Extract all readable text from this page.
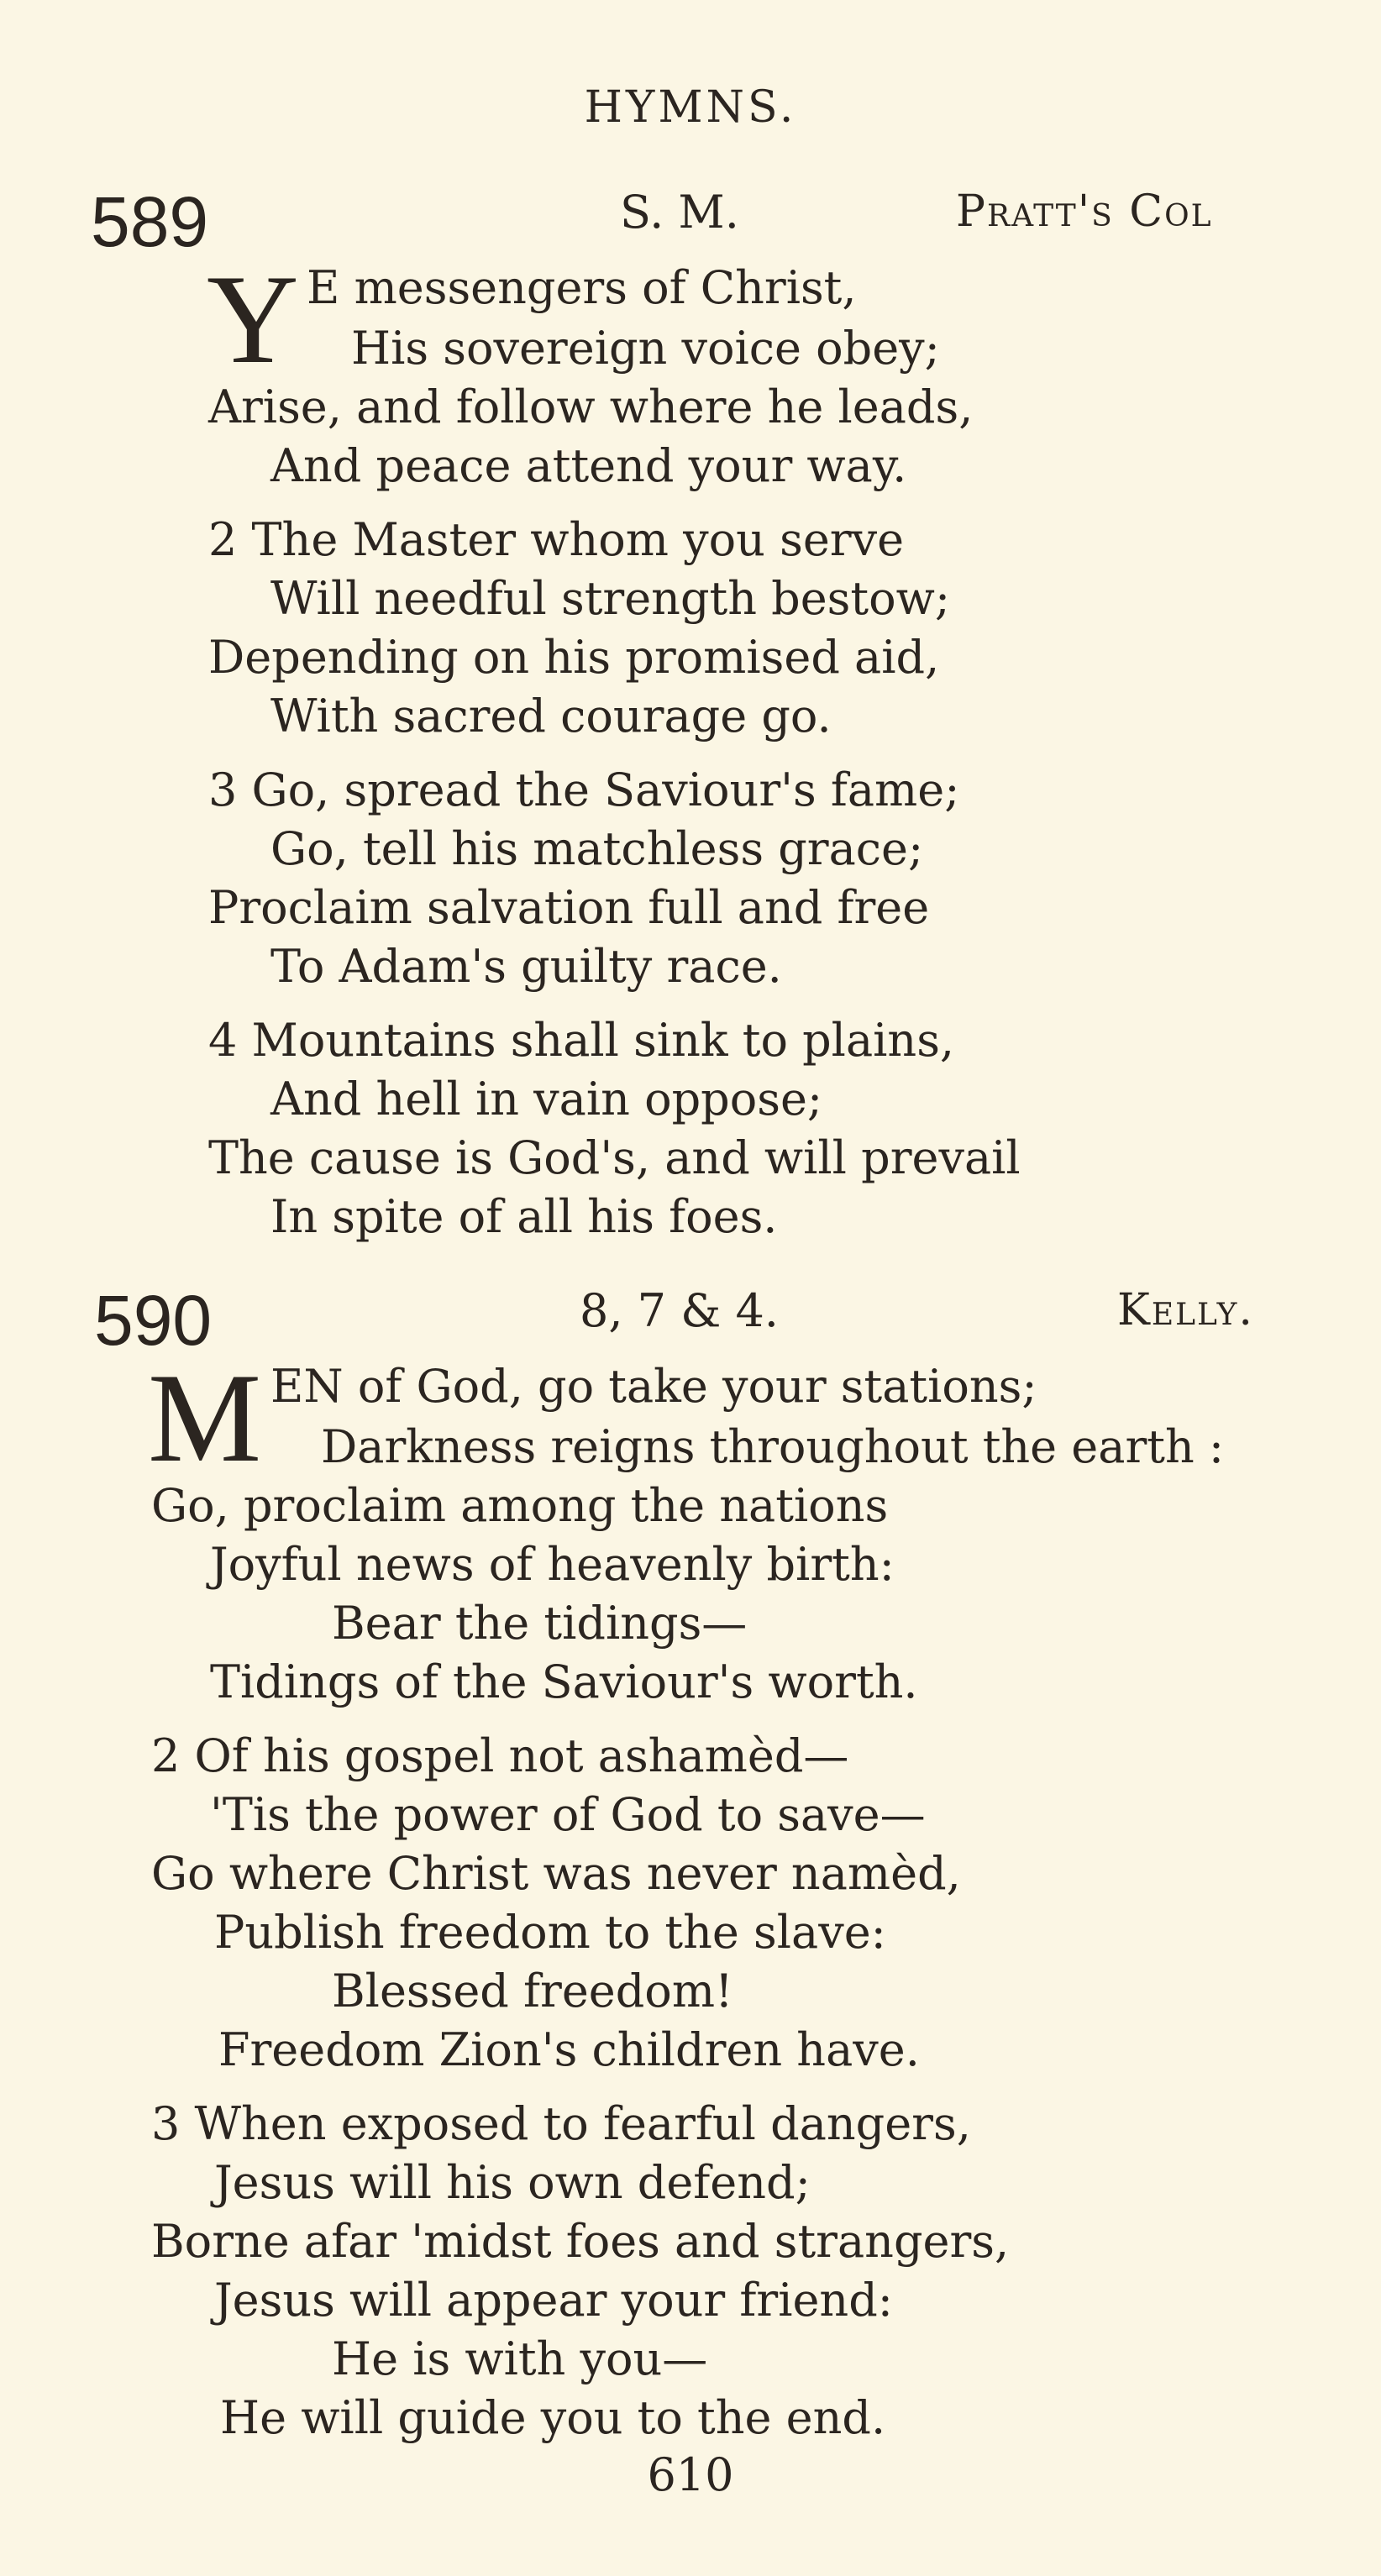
HYMNS.
589	S. M.	Pratt's Col
Y E messengers of Christ,
His sovereign voice obey;
Arise, and follow where he leads,
And peace attend your way.
2 The Master whom you serve
Will needful strength bestow;
Depending on his promised aid,
With sacred courage go.
3 Go, spread the Saviour's fame;
Go, tell his matchless grace;
Proclaim salvation full and free
To Adam's guilty race.
4 Mountains shall sink to plains,
And hell in vain oppose;
The cause is God's, and will prevail
In spite of all his foes.
590	8, 7 & 4.	Kelly.
M EN of God, go take your stations;
Darkness reigns throughout the earth :
Go, proclaim among the nations
Joyful news of heavenly birth:
Bear the tidings—
Tidings of the Saviour's worth.
2 Of his gospel not ashamèd—
'Tis the power of God to save—
Go where Christ was never namèd,
Publish freedom to the slave:
Blessed freedom!
Freedom Zion's children have.
3 When exposed to fearful dangers,
Jesus will his own defend;
Borne afar 'midst foes and strangers,
Jesus will appear your friend:
He is with you—
He will guide you to the end.
610
